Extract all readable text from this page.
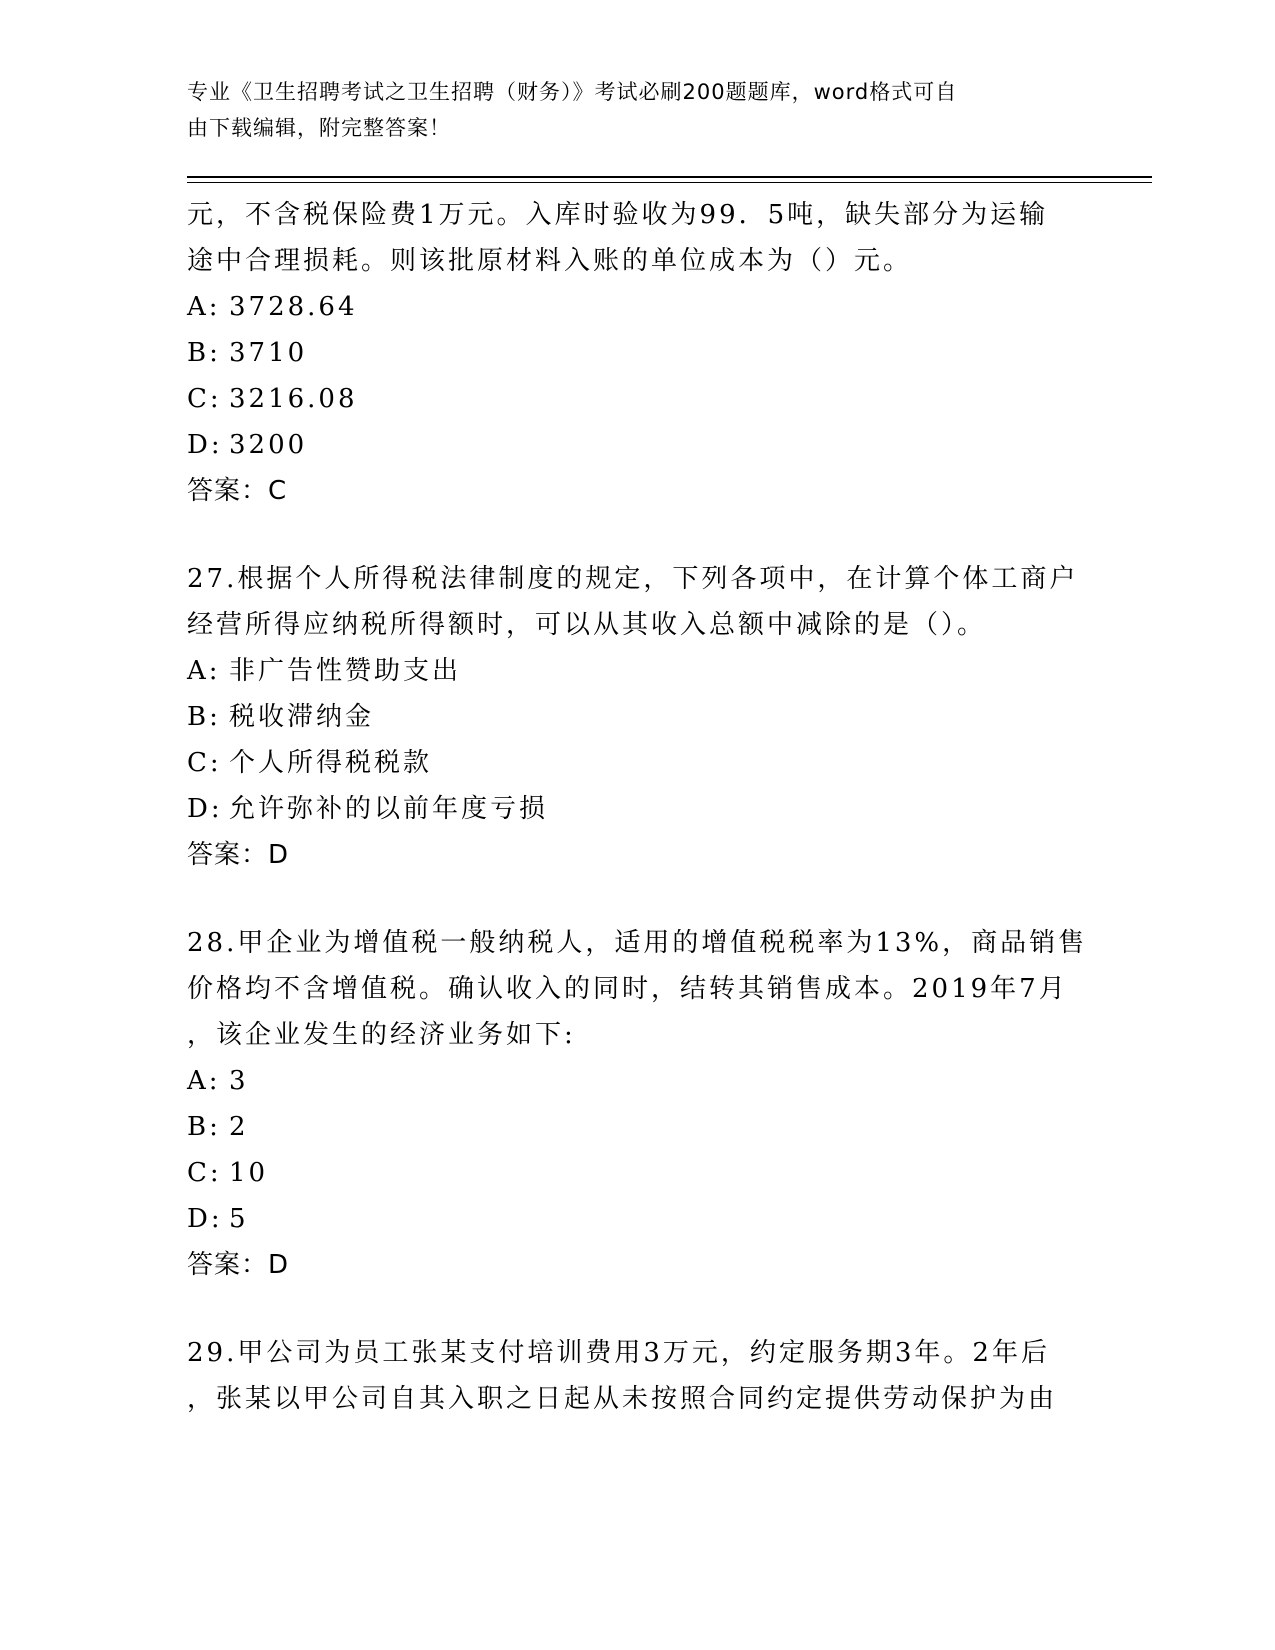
专业《卫生招聘考试之卫生招聘（财务）》考试必刷200题题库，word格式可自
由下载编辑，附完整答案！
元，不含税保险费1万元。入库时验收为99．5吨，缺失部分为运输
途中合理损耗。则该批原材料入账的单位成本为（）元。
A: 3728.64
B: 3710
C: 3216.08
D: 3200
答案：C
27.根据个人所得税法律制度的规定，下列各项中，在计算个体工商户
经营所得应纳税所得额时，可以从其收入总额中减除的是（）。
A: 非广告性赞助支出
B: 税收滞纳金
C: 个人所得税税款
D: 允许弥补的以前年度亏损
答案：D
28.甲企业为增值税一般纳税人，适用的增值税税率为13%，商品销售
价格均不含增值税。确认收入的同时，结转其销售成本。2019年7月
，该企业发生的经济业务如下:
A: 3
B: 2
C: 10
D: 5
答案：D
29.甲公司为员工张某支付培训费用3万元，约定服务期3年。2年后
，张某以甲公司自其入职之日起从未按照合同约定提供劳动保护为由
